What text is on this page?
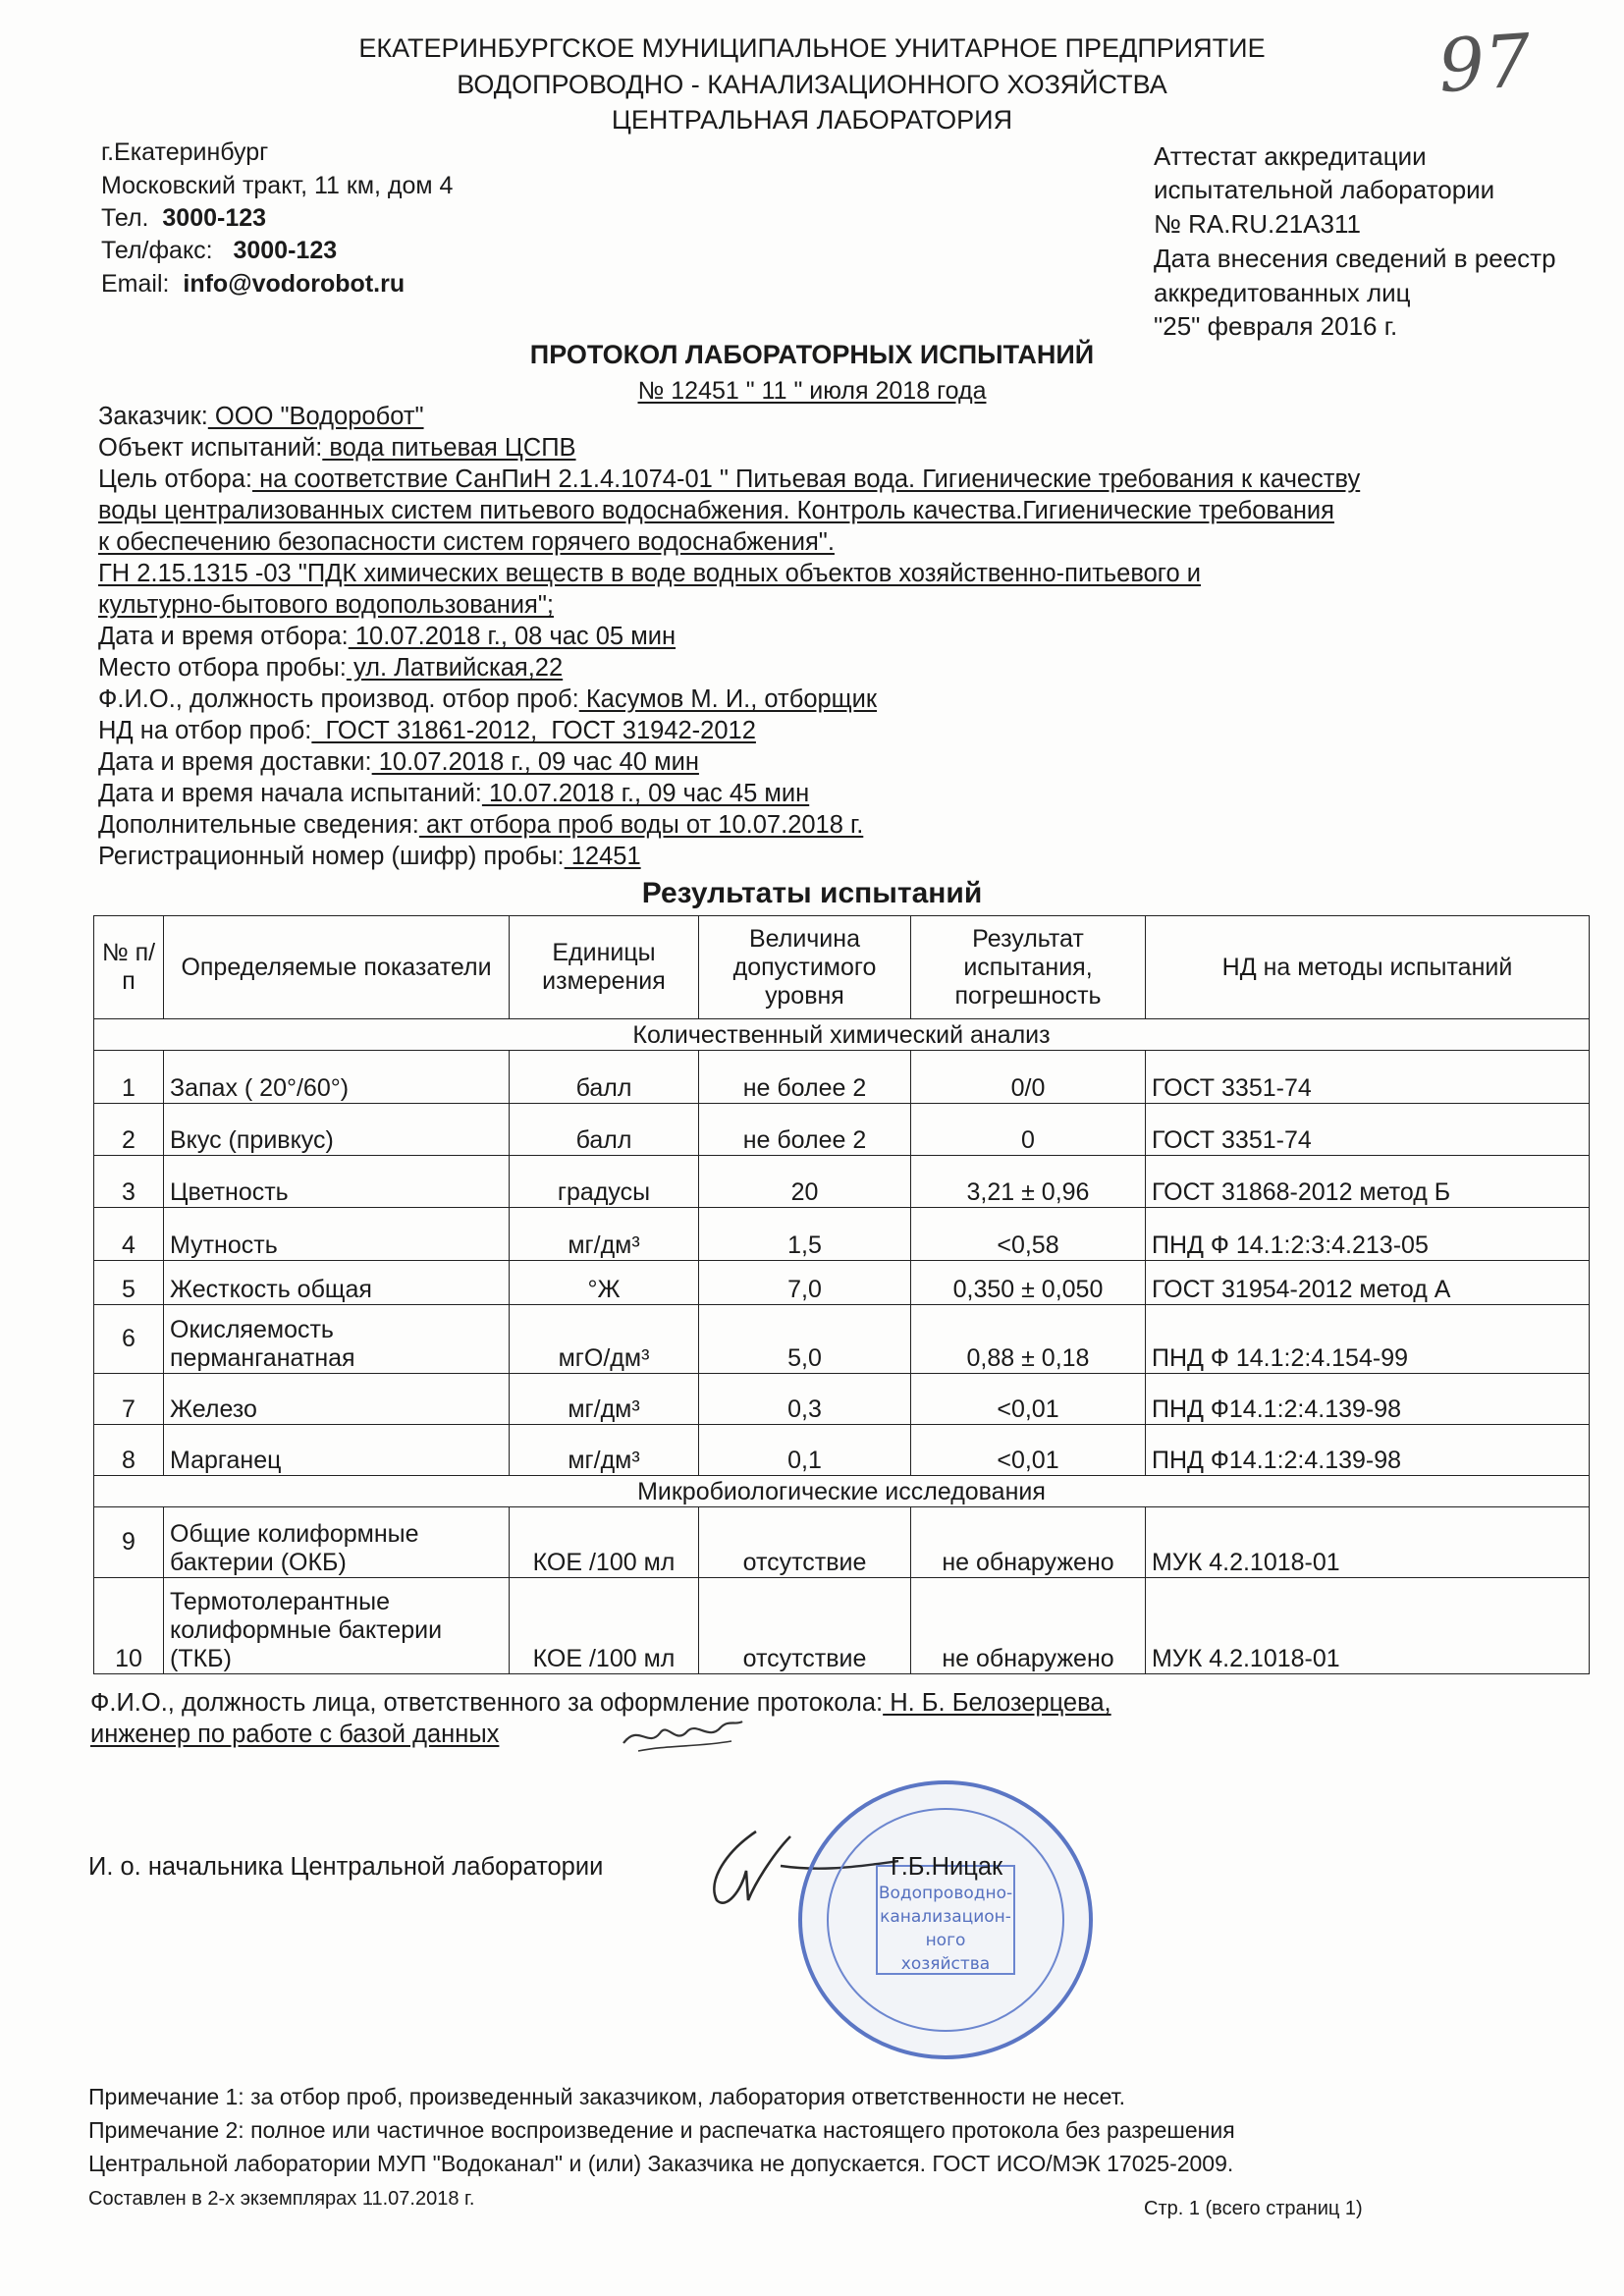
ЕКАТЕРИНБУРГСКОЕ МУНИЦИПАЛЬНОЕ УНИТАРНОЕ ПРЕДПРИЯТИЕ
ВОДОПРОВОДНО - КАНАЛИЗАЦИОННОГО ХОЗЯЙСТВА
ЦЕНТРАЛЬНАЯ ЛАБОРАТОРИЯ
97
г.Екатеринбург
Московский тракт, 11 км, дом 4
Тел. 3000-123
Тел/факс: 3000-123
Email: info@vodorobot.ru
Аттестат аккредитации
испытательной лаборатории
№ RA.RU.21A311
Дата внесения сведений в реестр
аккредитованных лиц
"25" февраля 2016 г.
ПРОТОКОЛ ЛАБОРАТОРНЫХ ИСПЫТАНИЙ
№ 12451 " 11 " июля 2018 года
Заказчик: ООО "Водоробот"
Объект испытаний: вода питьевая ЦСПВ
Цель отбора: на соответствие СанПиН 2.1.4.1074-01 " Питьевая вода. Гигиенические требования к качеству
воды централизованных систем питьевого водоснабжения. Контроль качества.Гигиенические требования
к обеспечению безопасности систем горячего водоснабжения".
ГН 2.15.1315 -03 "ПДК химических веществ в воде водных объектов хозяйственно-питьевого и
культурно-бытового водопользования";
Дата и время отбора: 10.07.2018 г., 08 час 05 мин
Место отбора пробы: ул. Латвийская,22
Ф.И.О., должность производ. отбор проб: Касумов М. И., отборщик
НД на отбор проб:  ГОСТ 31861-2012,  ГОСТ 31942-2012
Дата и время доставки: 10.07.2018 г., 09 час 40 мин
Дата и время начала испытаний: 10.07.2018 г., 09 час 45 мин
Дополнительные сведения: акт отбора проб воды от 10.07.2018 г.
Регистрационный номер (шифр) пробы: 12451
Результаты испытаний
№ п/п	Определяемые показатели	Единицы измерения	Величина допустимого уровня	Результат испытания, погрешность	НД на методы испытаний
Количественный химический анализ					
1	Запах ( 20°/60°)	балл	не более 2	0/0	ГОСТ 3351-74
2	Вкус (привкус)	балл	не более 2	0	ГОСТ 3351-74
3	Цветность	градусы	20	3,21 ± 0,96	ГОСТ 31868-2012 метод Б
4	Мутность	мг/дм³	1,5	<0,58	ПНД Ф 14.1:2:3:4.213-05
5	Жесткость общая	°Ж	7,0	0,350 ± 0,050	ГОСТ 31954-2012 метод А
6	Окисляемость перманганатная	мгО/дм³	5,0	0,88 ± 0,18	ПНД Ф 14.1:2:4.154-99
7	Железо	мг/дм³	0,3	<0,01	ПНД Ф14.1:2:4.139-98
8	Марганец	мг/дм³	0,1	<0,01	ПНД Ф14.1:2:4.139-98
Микробиологические исследования					
9	Общие колиформные бактерии (ОКБ)	КОЕ /100 мл	отсутствие	не обнаружено	МУК 4.2.1018-01
10	Термотолерантные колиформные бактерии (ТКБ)	КОЕ /100 мл	отсутствие	не обнаружено	МУК 4.2.1018-01
Ф.И.О., должность лица, ответственного за оформление протокола: Н. Б. Белозерцева,
инженер по работе с базой данных
И. о. начальника Центральной лаборатории
Водопроводно-
канализацион-
ного
хозяйства
Г.Б.Ницак
Примечание 1: за отбор проб, произведенный заказчиком, лаборатория ответственности не несет.
Примечание 2: полное или частичное воспроизведение и распечатка настоящего протокола без разрешения
Центральной лаборатории МУП "Водоканал" и (или) Заказчика не допускается. ГОСТ ИСО/МЭК 17025-2009.
Составлен в 2-х экземплярах 11.07.2018 г.	Стр. 1 (всего страниц 1)
